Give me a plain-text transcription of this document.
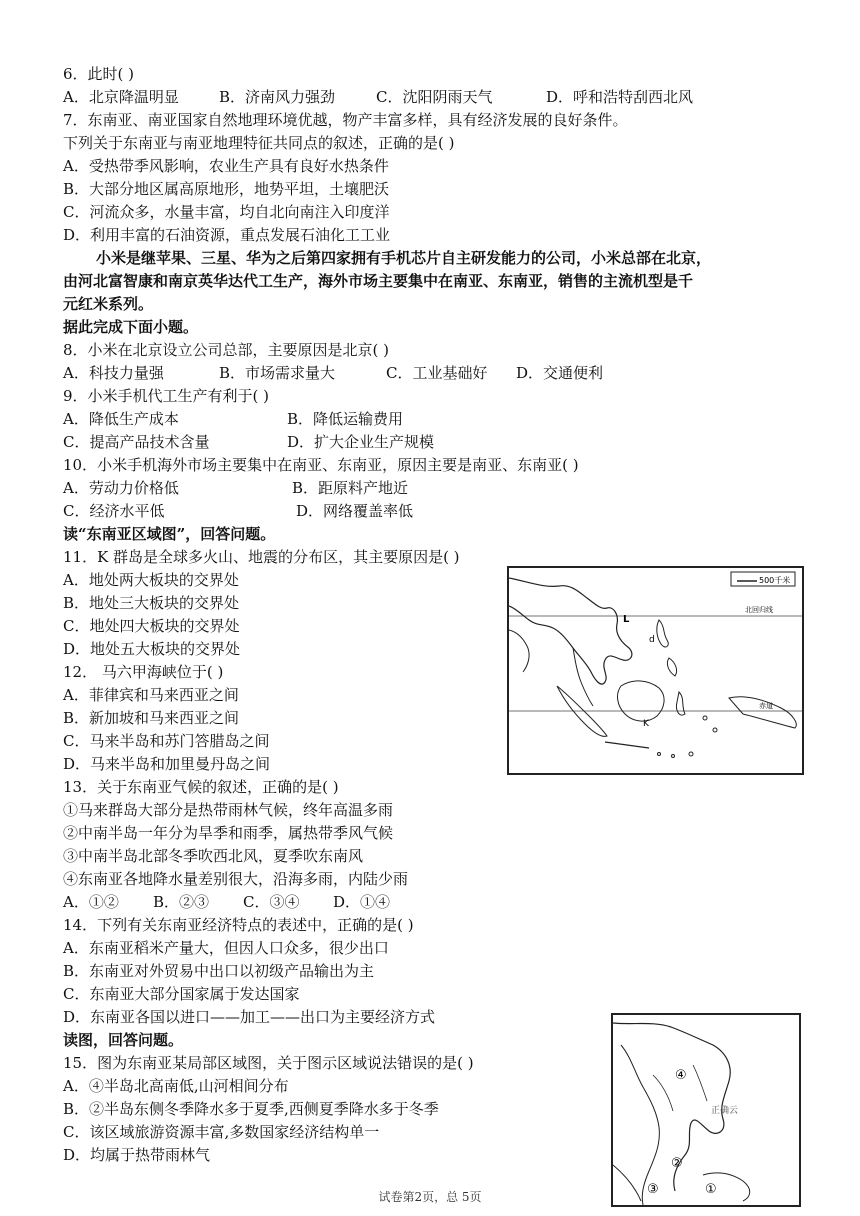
6．此时( )
A．北京降温明显	B．济南风力强劲	C．沈阳阴雨天气	D．呼和浩特刮西北风
7．东南亚、南亚国家自然地理环境优越，物产丰富多样，具有经济发展的良好条件。
下列关于东南亚与南亚地理特征共同点的叙述，正确的是( )
A．受热带季风影响，农业生产具有良好水热条件
B．大部分地区属高原地形，地势平坦，土壤肥沃
C．河流众多，水量丰富，均自北向南注入印度洋
D．利用丰富的石油资源，重点发展石油化工工业
小米是继苹果、三星、华为之后第四家拥有手机芯片自主研发能力的公司，小米总部在北京，
由河北富智康和南京英华达代工生产，海外市场主要集中在南亚、东南亚，销售的主流机型是千
元红米系列。
据此完成下面小题。
8．小米在北京设立公司总部，主要原因是北京( )
A．科技力量强	B．市场需求量大	C．工业基础好 D．交通便利
9．小米手机代工生产有利于( )
A．降低生产成本	B．降低运输费用
C．提高产品技术含量	D．扩大企业生产规模
10．小米手机海外市场主要集中在南亚、东南亚，原因主要是南亚、东南亚( )
A．劳动力价格低	B．距原料产地近
C．经济水平低	D．网络覆盖率低
读“东南亚区域图”，回答问题。
11．K 群岛是全球多火山、地震的分布区，其主要原因是( )
A．地处两大板块的交界处
B．地处三大板块的交界处
C．地处四大板块的交界处
D．地处五大板块的交界处
12． 马六甲海峡位于( )
A．菲律宾和马来西亚之间
B．新加坡和马来西亚之间
C．马来半岛和苏门答腊岛之间
D．马来半岛和加里曼丹岛之间
13．关于东南亚气候的叙述，正确的是( )
①马来群岛大部分是热带雨林气候，终年高温多雨
②中南半岛一年分为旱季和雨季，属热带季风气候
③中南半岛北部冬季吹西北风，夏季吹东南风
④东南亚各地降水量差别很大，沿海多雨，内陆少雨
A．①② B．②③ C．③④ D．①④
14．下列有关东南亚经济特点的表述中，正确的是( )
A．东南亚稻米产量大，但因人口众多，很少出口
B．东南亚对外贸易中出口以初级产品输出为主
C．东南亚大部分国家属于发达国家
D．东南亚各国以进口——加工——出口为主要经济方式
读图，回答问题。
15．图为东南亚某局部区域图，关于图示区域说法错误的是( )
A．④半岛北高南低,山河相间分布
B．②半岛东侧冬季降水多于夏季,西侧夏季降水多于冬季
C．该区域旅游资源丰富,多数国家经济结构单一
D．均属于热带雨林气
500千米
北回归线
赤道
L
d
K
④
②
③	①
正确云
试卷第2页，总 5页
